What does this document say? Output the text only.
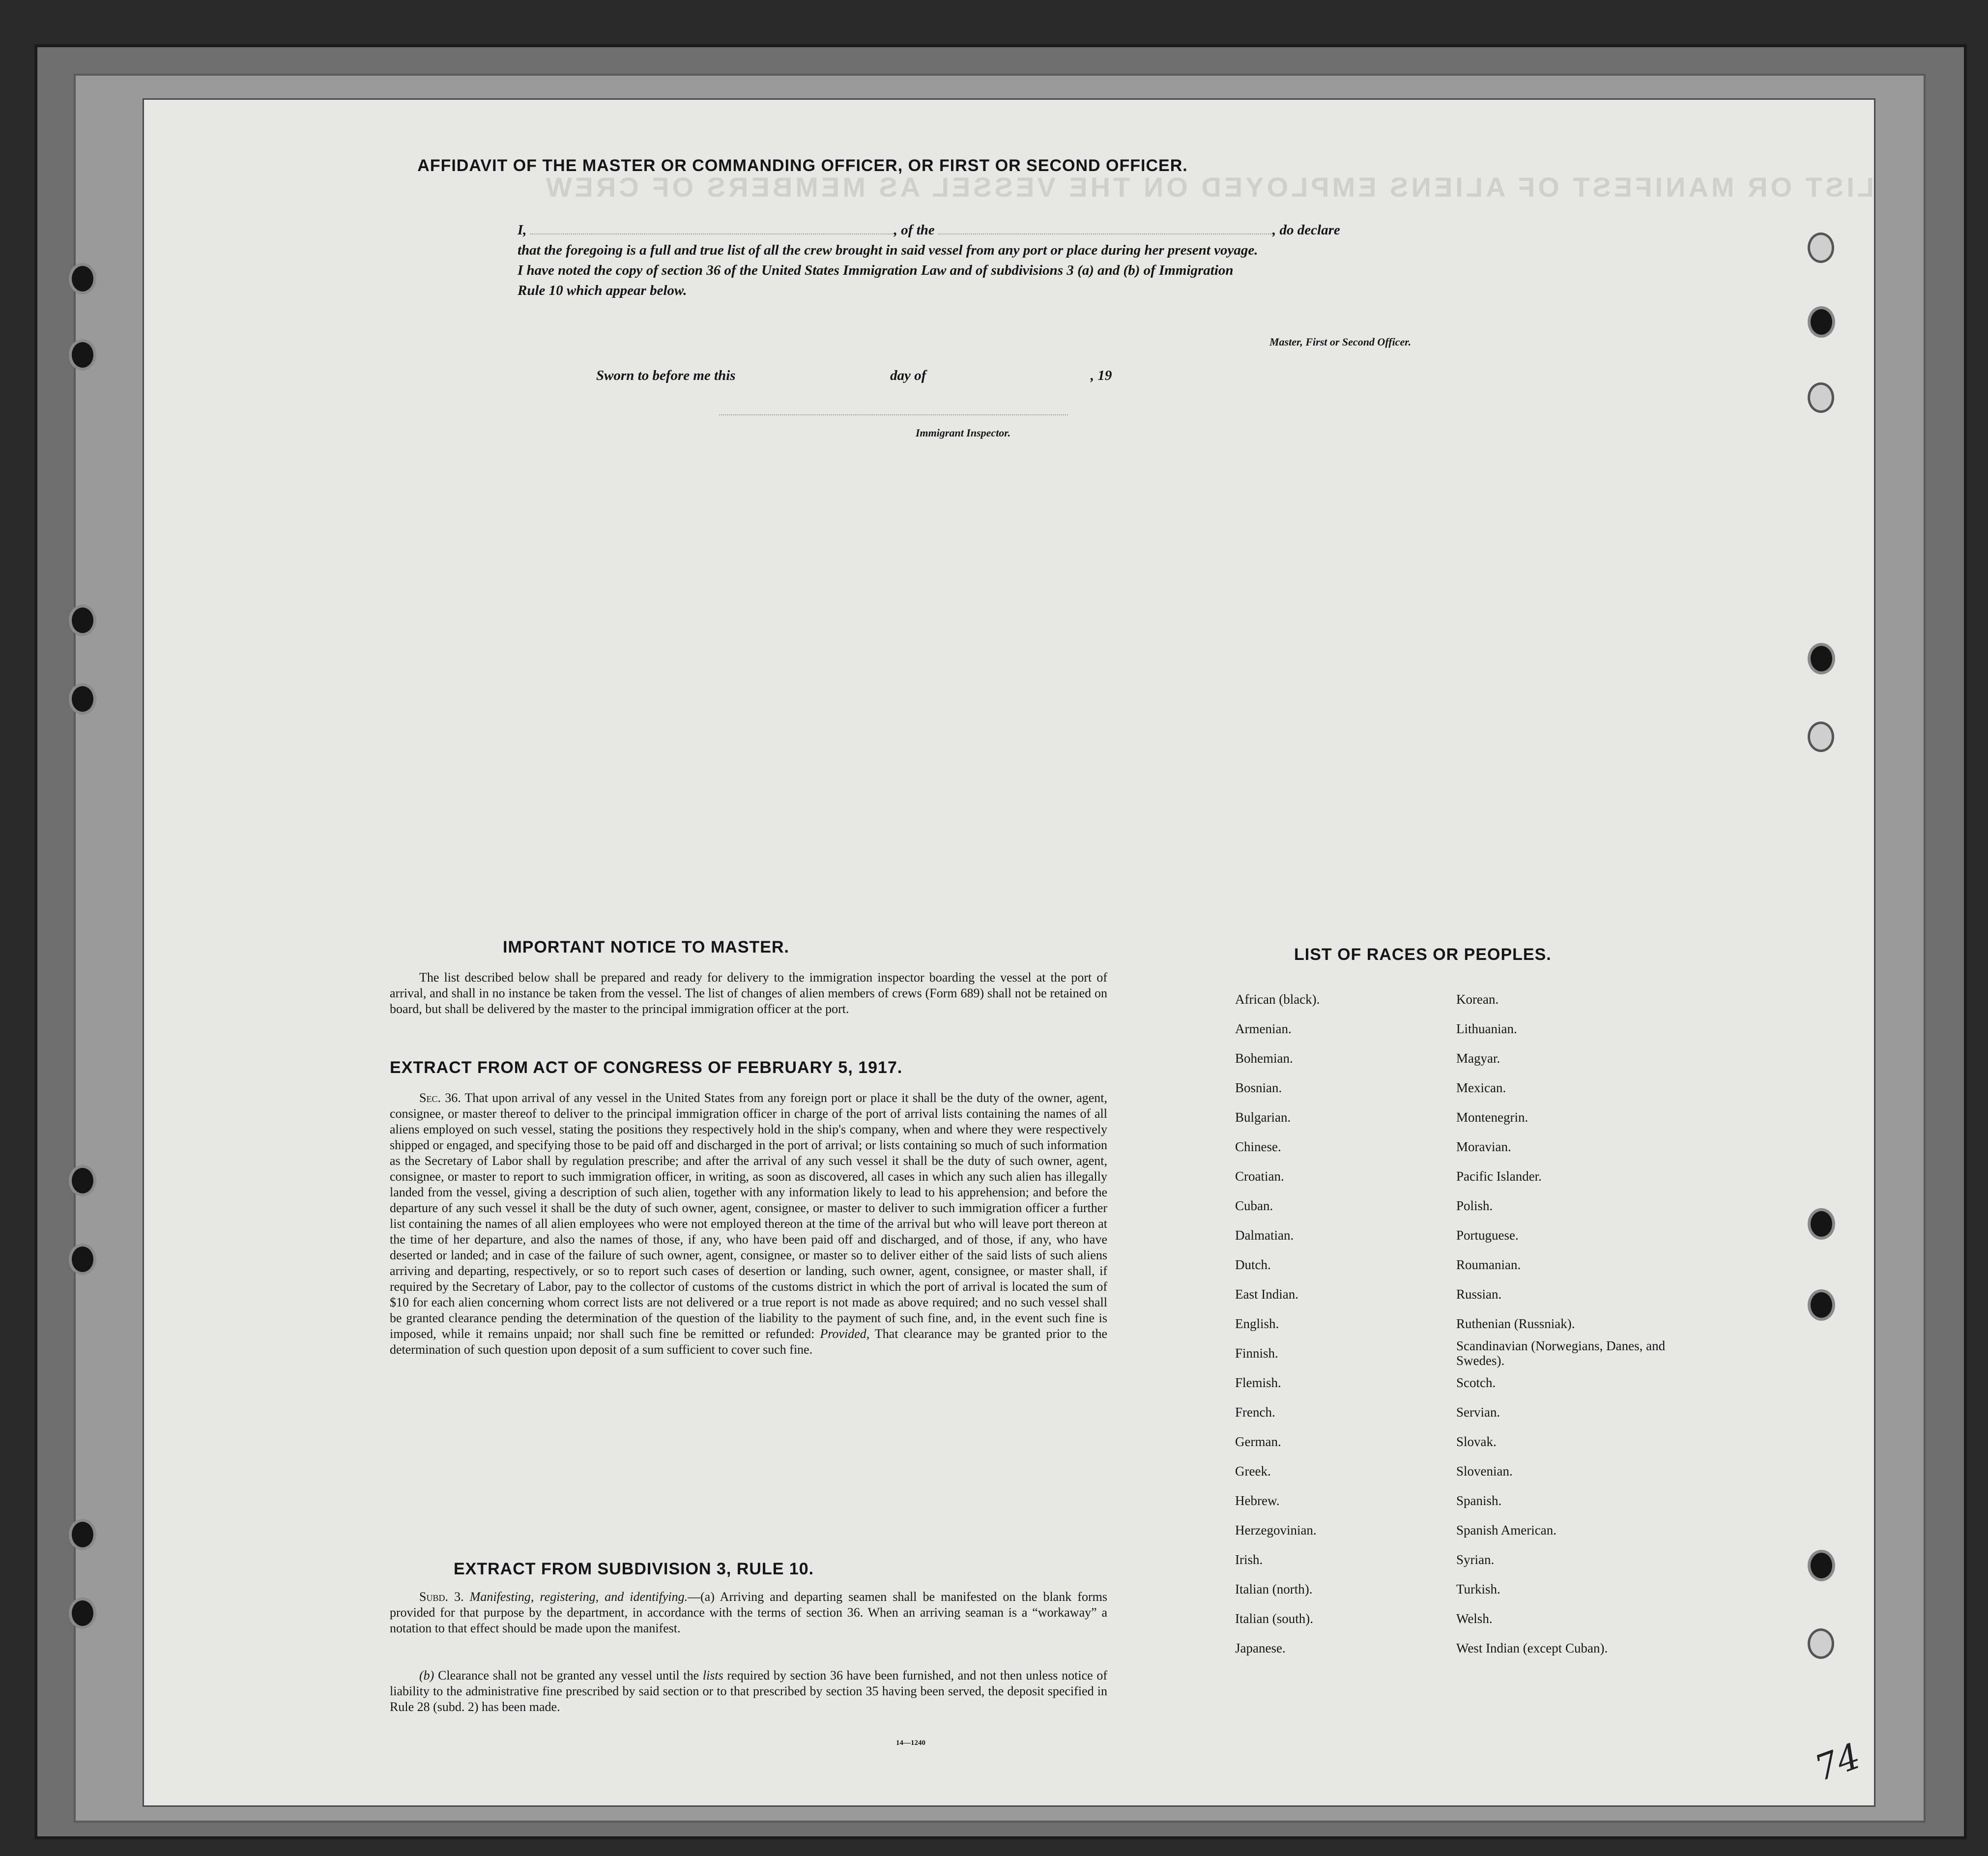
LIST OR MANIFEST OF ALIENS EMPLOYED ON THE VESSEL AS MEMBERS OF CREW
AFFIDAVIT OF THE MASTER OR COMMANDING OFFICER, OR FIRST OR SECOND OFFICER.
I,	, of the	, do declare
that the foregoing is a full and true list of all the crew brought in said vessel from any port or place during her present voyage.
I have noted the copy of section 36 of the United States Immigration Law and of subdivisions 3 (a) and (b) of Immigration
Rule 10 which appear below.
Master, First or Second Officer.
Sworn to before me this	day of	, 19
Immigrant Inspector.
IMPORTANT NOTICE TO MASTER.
The list described below shall be prepared and ready for delivery to the immigration inspector boarding the vessel at the port of arrival, and shall in no instance be taken from the vessel. The list of changes of alien members of crews (Form 689) shall not be retained on board, but shall be delivered by the master to the principal immigration officer at the port.
EXTRACT FROM ACT OF CONGRESS OF FEBRUARY 5, 1917.
Sec. 36. That upon arrival of any vessel in the United States from any foreign port or place it shall be the duty of the owner, agent, consignee, or master thereof to deliver to the principal immigration officer in charge of the port of arrival lists containing the names of all aliens employed on such vessel, stating the positions they respectively hold in the ship's company, when and where they were respectively shipped or engaged, and specifying those to be paid off and discharged in the port of arrival; or lists containing so much of such information as the Secretary of Labor shall by regulation prescribe; and after the arrival of any such vessel it shall be the duty of such owner, agent, consignee, or master to report to such immigration officer, in writing, as soon as discovered, all cases in which any such alien has illegally landed from the vessel, giving a description of such alien, together with any information likely to lead to his apprehension; and before the departure of any such vessel it shall be the duty of such owner, agent, consignee, or master to deliver to such immigration officer a further list containing the names of all alien employees who were not employed thereon at the time of the arrival but who will leave port thereon at the time of her departure, and also the names of those, if any, who have been paid off and discharged, and of those, if any, who have deserted or landed; and in case of the failure of such owner, agent, consignee, or master so to deliver either of the said lists of such aliens arriving and departing, respectively, or so to report such cases of desertion or landing, such owner, agent, consignee, or master shall, if required by the Secretary of Labor, pay to the collector of customs of the customs district in which the port of arrival is located the sum of $10 for each alien concerning whom correct lists are not delivered or a true report is not made as above required; and no such vessel shall be granted clearance pending the determination of the question of the liability to the payment of such fine, and, in the event such fine is imposed, while it remains unpaid; nor shall such fine be remitted or refunded: Provided, That clearance may be granted prior to the determination of such question upon deposit of a sum sufficient to cover such fine.
EXTRACT FROM SUBDIVISION 3, RULE 10.
Subd. 3. Manifesting, registering, and identifying.—(a) Arriving and departing seamen shall be manifested on the blank forms provided for that purpose by the department, in accordance with the terms of section 36. When an arriving seaman is a “workaway” a notation to that effect should be made upon the manifest.
(b) Clearance shall not be granted any vessel until the lists required by section 36 have been furnished, and not then unless notice of liability to the administrative fine prescribed by said section or to that prescribed by section 35 having been served, the deposit specified in Rule 28 (subd. 2) has been made.
14—1240
LIST OF RACES OR PEOPLES.
African (black).	Korean.
Armenian.	Lithuanian.
Bohemian.	Magyar.
Bosnian.	Mexican.
Bulgarian.	Montenegrin.
Chinese.	Moravian.
Croatian.	Pacific Islander.
Cuban.	Polish.
Dalmatian.	Portuguese.
Dutch.	Roumanian.
East Indian.	Russian.
English.	Ruthenian (Russniak).
Finnish.	Scandinavian (Norwegians, Danes, and Swedes).
Flemish.	Scotch.
French.	Servian.
German.	Slovak.
Greek.	Slovenian.
Hebrew.	Spanish.
Herzegovinian.	Spanish American.
Irish.	Syrian.
Italian (north).	Turkish.
Italian (south).	Welsh.
Japanese.	West Indian (except Cuban).
74
